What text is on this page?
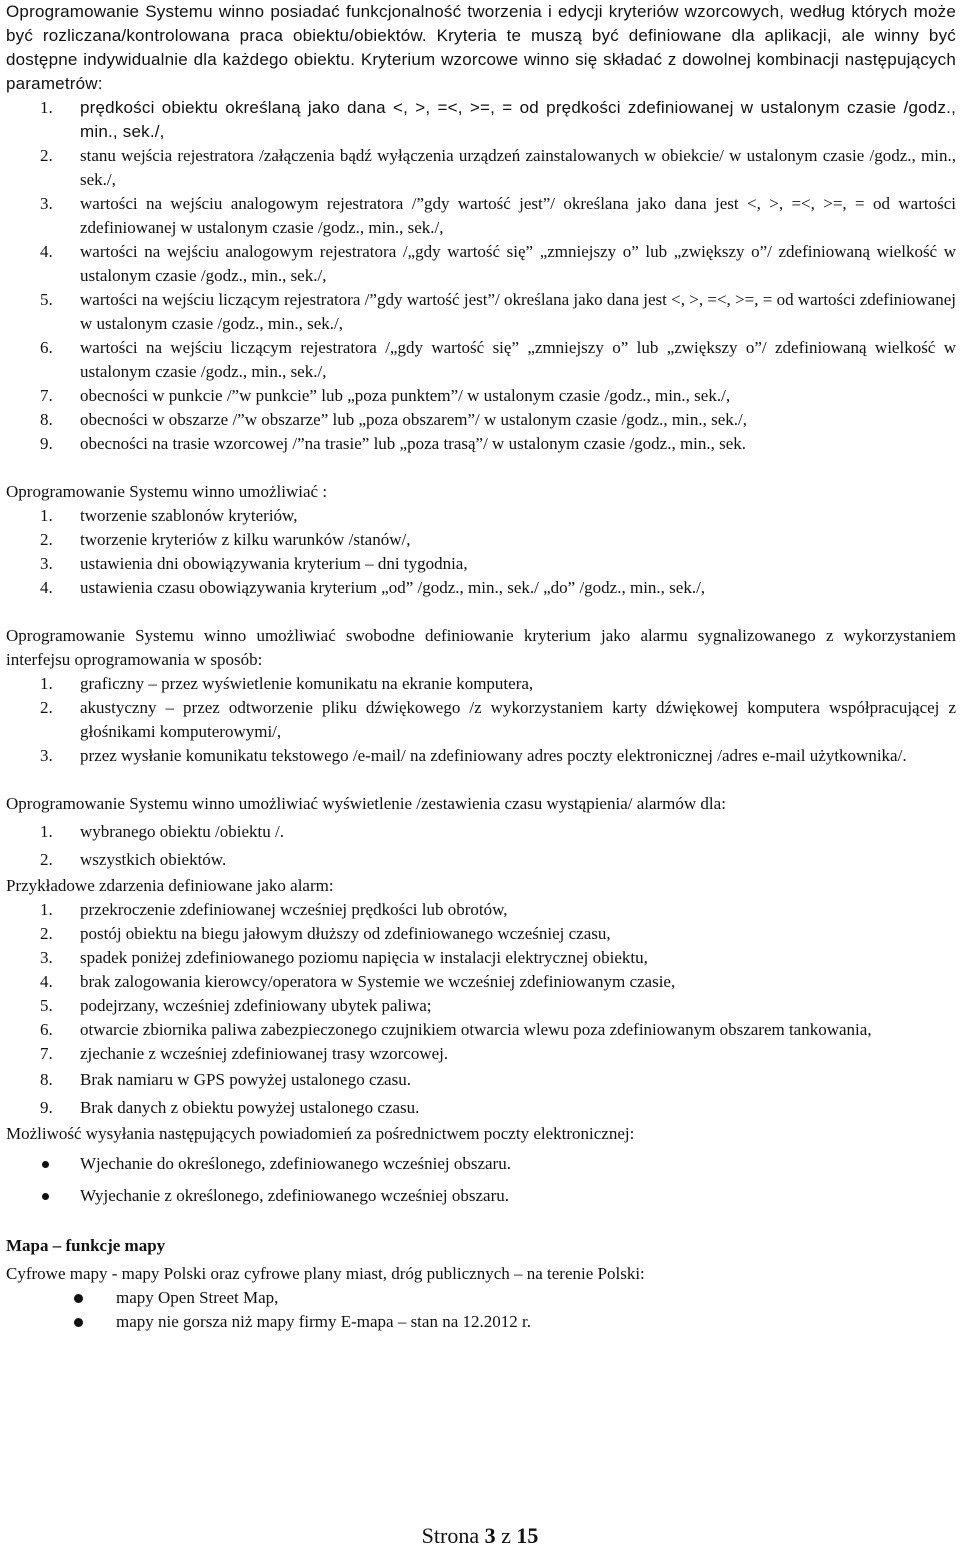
Oprogramowanie Systemu winno posiadać funkcjonalność tworzenia i edycji kryteriów wzorcowych, według których może być rozliczana/kontrolowana praca obiektu/obiektów. Kryteria te muszą być definiowane dla aplikacji, ale winny być dostępne indywidualnie dla każdego obiektu. Kryterium wzorcowe winno się składać z dowolnej kombinacji następujących parametrów:

1. prędkości obiektu określaną jako dana <, >, =<, >=, = od prędkości zdefiniowanej w ustalonym czasie /godz., min., sek./,
2. stanu wejścia rejestratora /załączenia bądź wyłączenia urządzeń zainstalowanych w obiekcie/ w ustalonym czasie /godz., min., sek./,
3. wartości na wejściu analogowym rejestratora /”gdy wartość jest”/ określana jako dana jest <, >, =<, >=, = od wartości zdefiniowanej w ustalonym czasie /godz., min., sek./,
4. wartości na wejściu analogowym rejestratora /„gdy wartość się” „zmniejszy o” lub „zwiększy o”/ zdefiniowaną wielkość w ustalonym czasie /godz., min., sek./,
5. wartości na wejściu liczącym rejestratora /”gdy wartość jest”/ określana jako dana jest <, >, =<, >=, = od wartości zdefiniowanej w ustalonym czasie /godz., min., sek./,
6. wartości na wejściu liczącym rejestratora /„gdy wartość się” „zmniejszy o” lub „zwiększy o”/ zdefiniowaną wielkość w ustalonym czasie /godz., min., sek./,
7. obecności w punkcie /”w punkcie” lub „poza punktem”/ w ustalonym czasie /godz., min., sek./,
8. obecności w obszarze /”w obszarze” lub „poza obszarem”/ w ustalonym czasie /godz., min., sek./,
9. obecności na trasie wzorcowej /”na trasie” lub „poza trasą”/ w ustalonym czasie /godz., min., sek.

Oprogramowanie Systemu winno umożliwiać :

1. tworzenie szablonów kryteriów,
2. tworzenie kryteriów z kilku warunków /stanów/,
3. ustawienia dni obowiązywania kryterium – dni tygodnia,
4. ustawienia czasu obowiązywania kryterium „od” /godz., min., sek./ „do” /godz., min., sek./,

Oprogramowanie Systemu winno umożliwiać swobodne definiowanie kryterium jako alarmu sygnalizowanego z wykorzystaniem interfejsu oprogramowania w sposób:

1. graficzny – przez wyświetlenie komunikatu na ekranie komputera,
2. akustyczny – przez odtworzenie pliku dźwiękowego /z wykorzystaniem karty dźwiękowej komputera współpracującej z głośnikami komputerowymi/,
3. przez wysłanie komunikatu tekstowego /e-mail/ na zdefiniowany adres poczty elektronicznej /adres e-mail użytkownika/.

Oprogramowanie Systemu winno umożliwiać wyświetlenie /zestawienia czasu wystąpienia/ alarmów dla:

1. wybranego obiektu /obiektu /.
2. wszystkich obiektów.

Przykładowe zdarzenia definiowane jako alarm:

1. przekroczenie zdefiniowanej wcześniej prędkości lub obrotów,
2. postój obiektu na biegu jałowym dłuższy od zdefiniowanego wcześniej czasu,
3. spadek poniżej zdefiniowanego poziomu napięcia w instalacji elektrycznej obiektu,
4. brak zalogowania kierowcy/operatora w Systemie we wcześniej zdefiniowanym czasie,
5. podejrzany, wcześniej zdefiniowany ubytek paliwa;
6. otwarcie zbiornika paliwa zabezpieczonego czujnikiem otwarcia wlewu poza zdefiniowanym obszarem tankowania,
7. zjechanie z wcześniej zdefiniowanej trasy wzorcowej.
8. Brak namiaru w GPS powyżej ustalonego czasu.
9. Brak danych z obiektu powyżej ustalonego czasu.

Możliwość wysyłania następujących powiadomień za pośrednictwem poczty elektronicznej:

Wjechanie do określonego, zdefiniowanego wcześniej obszaru.
Wyjechanie z określonego, zdefiniowanego wcześniej obszaru.

Mapa – funkcje mapy

Cyfrowe mapy - mapy Polski oraz cyfrowe plany miast, dróg publicznych – na terenie Polski:

mapy Open Street Map,
mapy nie gorsza niż mapy firmy E-mapa – stan na 12.2012 r.
Strona 3 z 15
